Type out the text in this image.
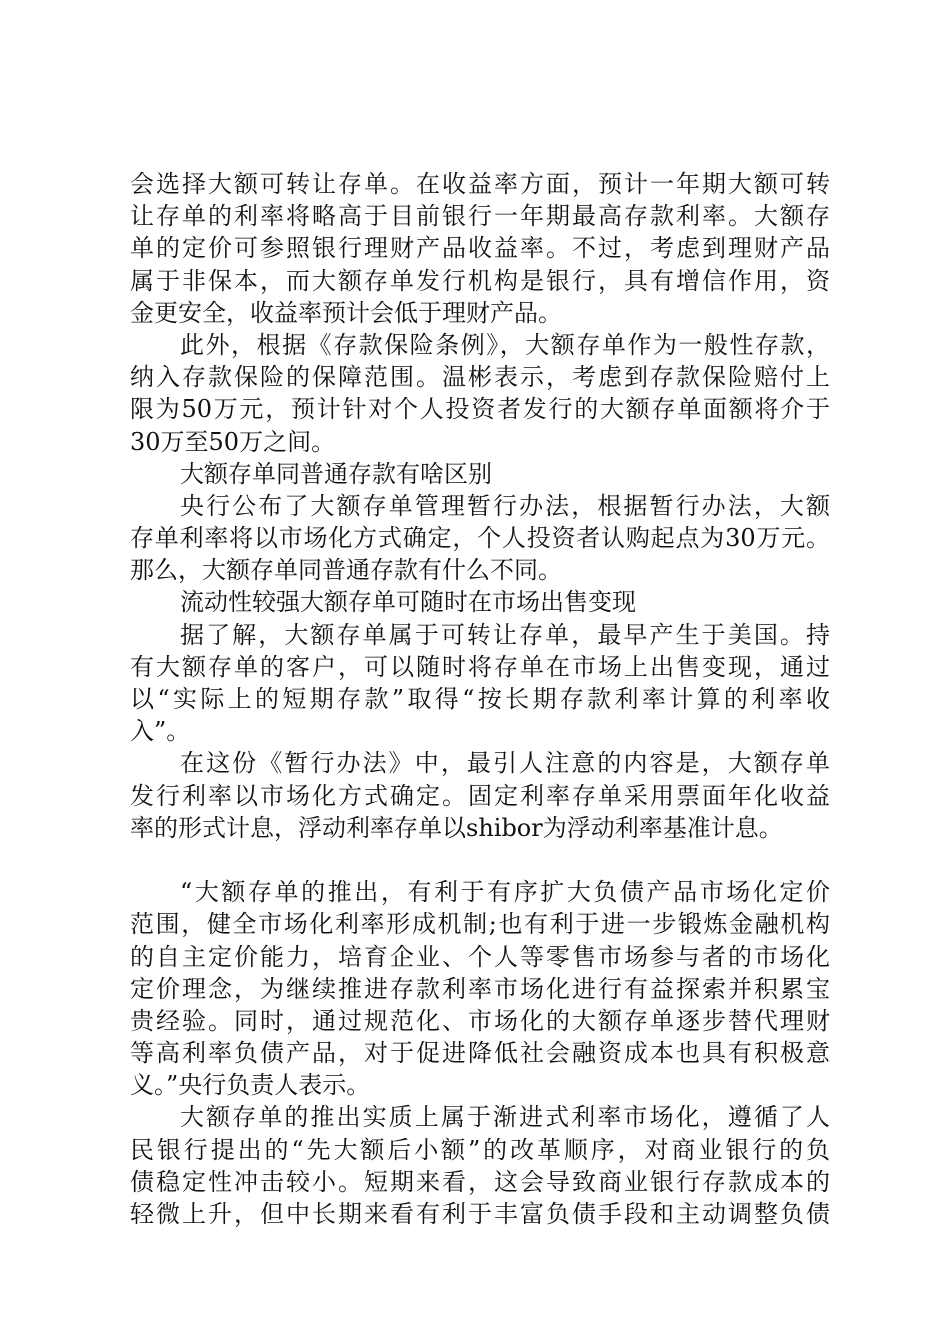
会选择大额可转让存单。在收益率方面，预计一年期大额可转
让存单的利率将略高于目前银行一年期最高存款利率。大额存
单的定价可参照银行理财产品收益率。不过，考虑到理财产品
属于非保本，而大额存单发行机构是银行，具有增信作用，资
金更安全，收益率预计会低于理财产品。
此外，根据《存款保险条例》，大额存单作为一般性存款，
纳入存款保险的保障范围。温彬表示，考虑到存款保险赔付上
限为50万元，预计针对个人投资者发行的大额存单面额将介于
30万至50万之间。
大额存单同普通存款有啥区别
央行公布了大额存单管理暂行办法，根据暂行办法，大额
存单利率将以市场化方式确定，个人投资者认购起点为30万元。
那么，大额存单同普通存款有什么不同。
流动性较强大额存单可随时在市场出售变现
据了解，大额存单属于可转让存单，最早产生于美国。持
有大额存单的客户，可以随时将存单在市场上出售变现，通过
以“实际上的短期存款”取得“按长期存款利率计算的利率收
入”。
在这份《暂行办法》中，最引人注意的内容是，大额存单
发行利率以市场化方式确定。固定利率存单采用票面年化收益
率的形式计息，浮动利率存单以shibor为浮动利率基准计息。
“大额存单的推出，有利于有序扩大负债产品市场化定价
范围，健全市场化利率形成机制;也有利于进一步锻炼金融机构
的自主定价能力，培育企业、个人等零售市场参与者的市场化
定价理念，为继续推进存款利率市场化进行有益探索并积累宝
贵经验。同时，通过规范化、市场化的大额存单逐步替代理财
等高利率负债产品，对于促进降低社会融资成本也具有积极意
义。”央行负责人表示。
大额存单的推出实质上属于渐进式利率市场化，遵循了人
民银行提出的“先大额后小额”的改革顺序，对商业银行的负
债稳定性冲击较小。短期来看，这会导致商业银行存款成本的
轻微上升，但中长期来看有利于丰富负债手段和主动调整负债
